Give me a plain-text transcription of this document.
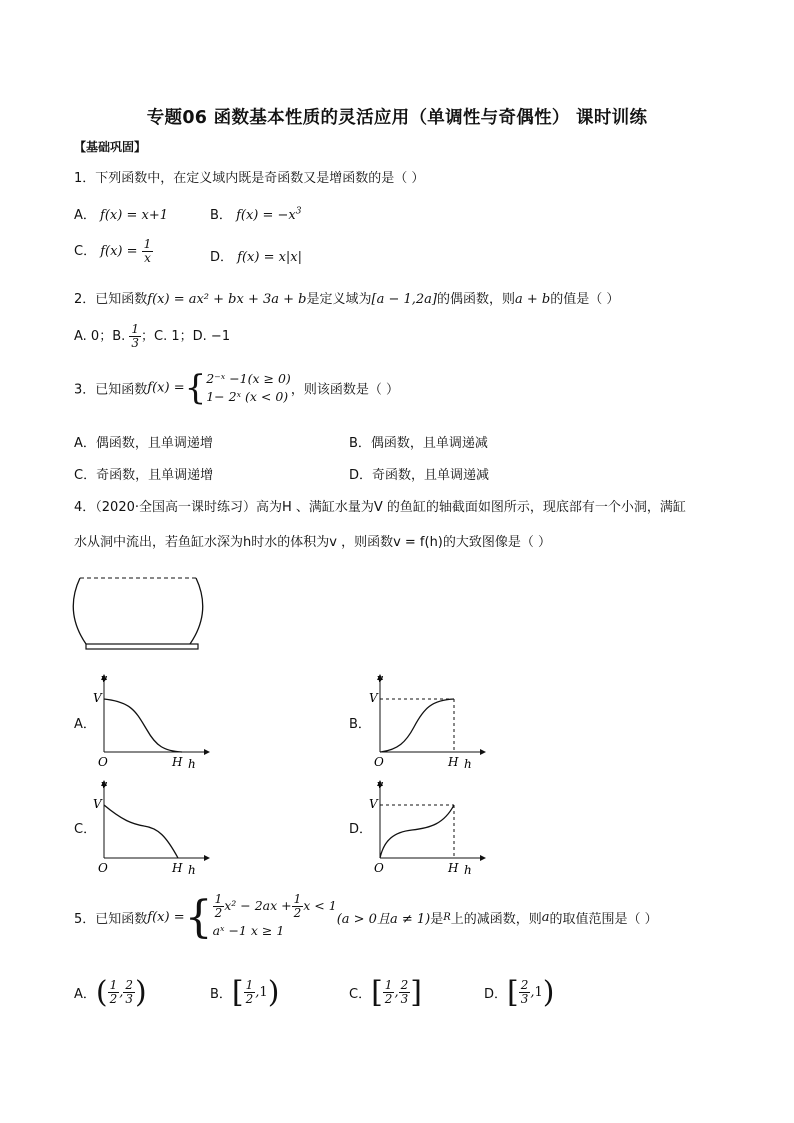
专题06 函数基本性质的灵活应用（单调性与奇偶性） 课时训练
【基础巩固】
1．下列函数中，在定义域内既是奇函数又是增函数的是（ ）
A． f(x) = x+1	B． $f(x) = -x^3$
C． $f(x) = \frac{1}{x}$	D． f(x) = x|x|
2．已知函数f(x) = ax² + bx + 3a + b是定义域为[a − 1,2a]的偶函数，则a + b的值是（ ）
A. 0；B. $\frac{1}{3}$ ；C. 1；D. −1
3．已知函数f(x) ={ 2⁻ˣ −1(x ≥ 0)
1− 2ˣ (x < 0) ，则该函数是（ ）
A．偶函数，且单调递增	B．偶函数，且单调递减
C．奇函数，且单调递增	D．奇函数，且单调递减
4．（2020·全国高一课时练习）高为H 、满缸水量为V 的鱼缸的轴截面如图所示，现底部有一个小洞，满缸
水从洞中流出，若鱼缸水深为h时水的体积为v ，则函数v = f(h)的大致图像是（ ）
A．	B．
C．	D．
v
V
O	H h
v
V
O	H h
v
V
O	H h
v
V
O	H h
5．已知函数f(x) ={ $\frac{1}{2} x^2 - 2ax + \frac{1}{2}$ x < 1
aˣ −1 x ≥ 1
(a > 0且a ≠ 1)是R上的减函数，则a的取值范围是（ ）
A．( $\frac{1}{2}$ , $\frac{2}{3}$ )	B．[ $\frac{1}{2} ,1$)	C．[ $\frac{1}{2}$ , $\frac{2}{3}$ ]	D．[ $\frac{2}{3} ,1$)
